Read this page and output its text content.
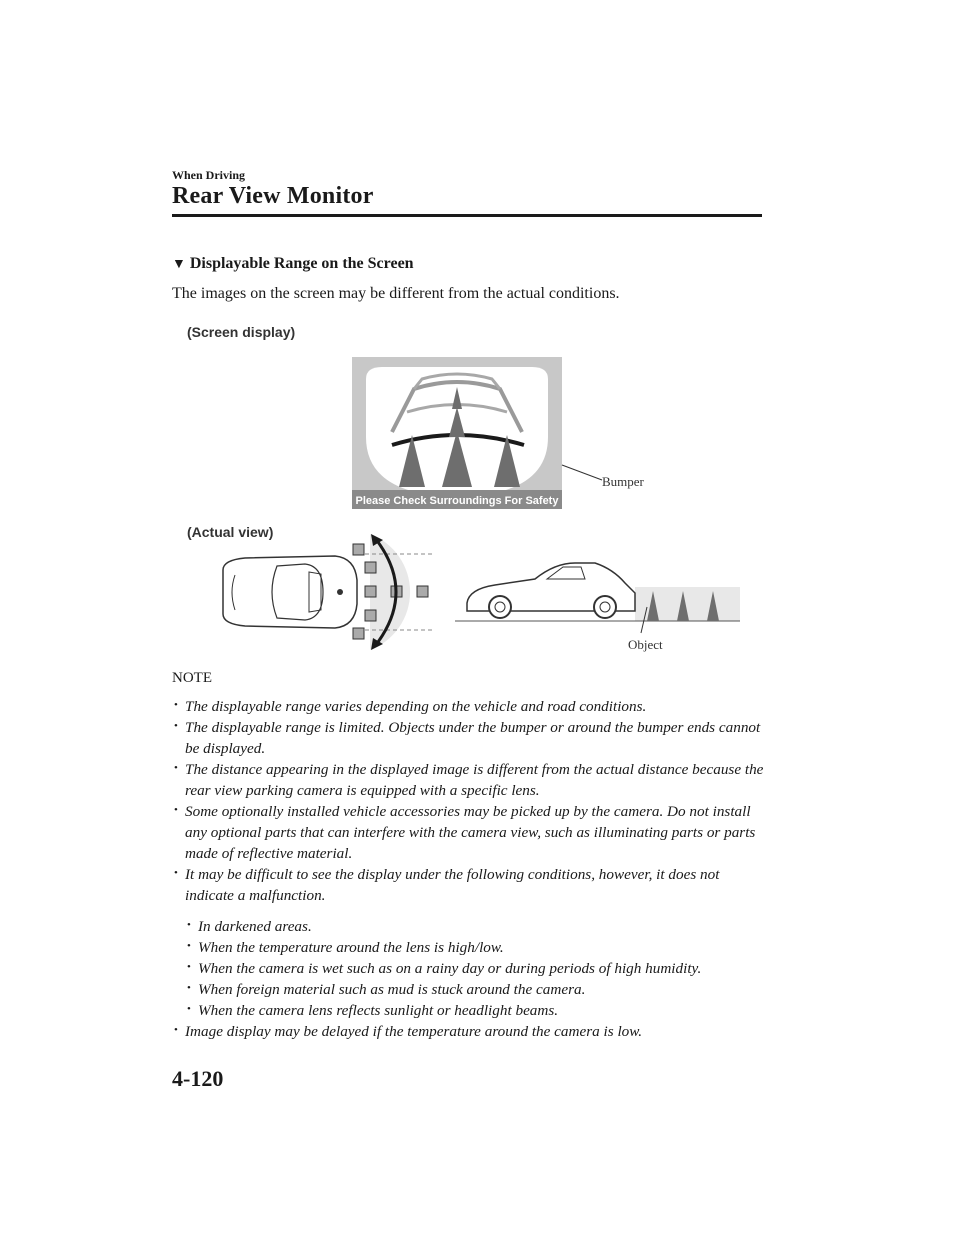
When Driving
Rear View Monitor
▼ Displayable Range on the Screen
The images on the screen may be different from the actual conditions.
(Screen display)
Please Check Surroundings For Safety
Bumper
(Actual view)
Object
NOTE
• The displayable range varies depending on the vehicle and road conditions.
• The displayable range is limited. Objects under the bumper or around the bumper ends cannot be displayed.
• The distance appearing in the displayed image is different from the actual distance because the rear view parking camera is equipped with a specific lens.
• Some optionally installed vehicle accessories may be picked up by the camera. Do not install any optional parts that can interfere with the camera view, such as illuminating parts or parts made of reflective material.
• It may be difficult to see the display under the following conditions, however, it does not indicate a malfunction.
• In darkened areas.
• When the temperature around the lens is high/low.
• When the camera is wet such as on a rainy day or during periods of high humidity.
• When foreign material such as mud is stuck around the camera.
• When the camera lens reflects sunlight or headlight beams.
• Image display may be delayed if the temperature around the camera is low.
4-120
